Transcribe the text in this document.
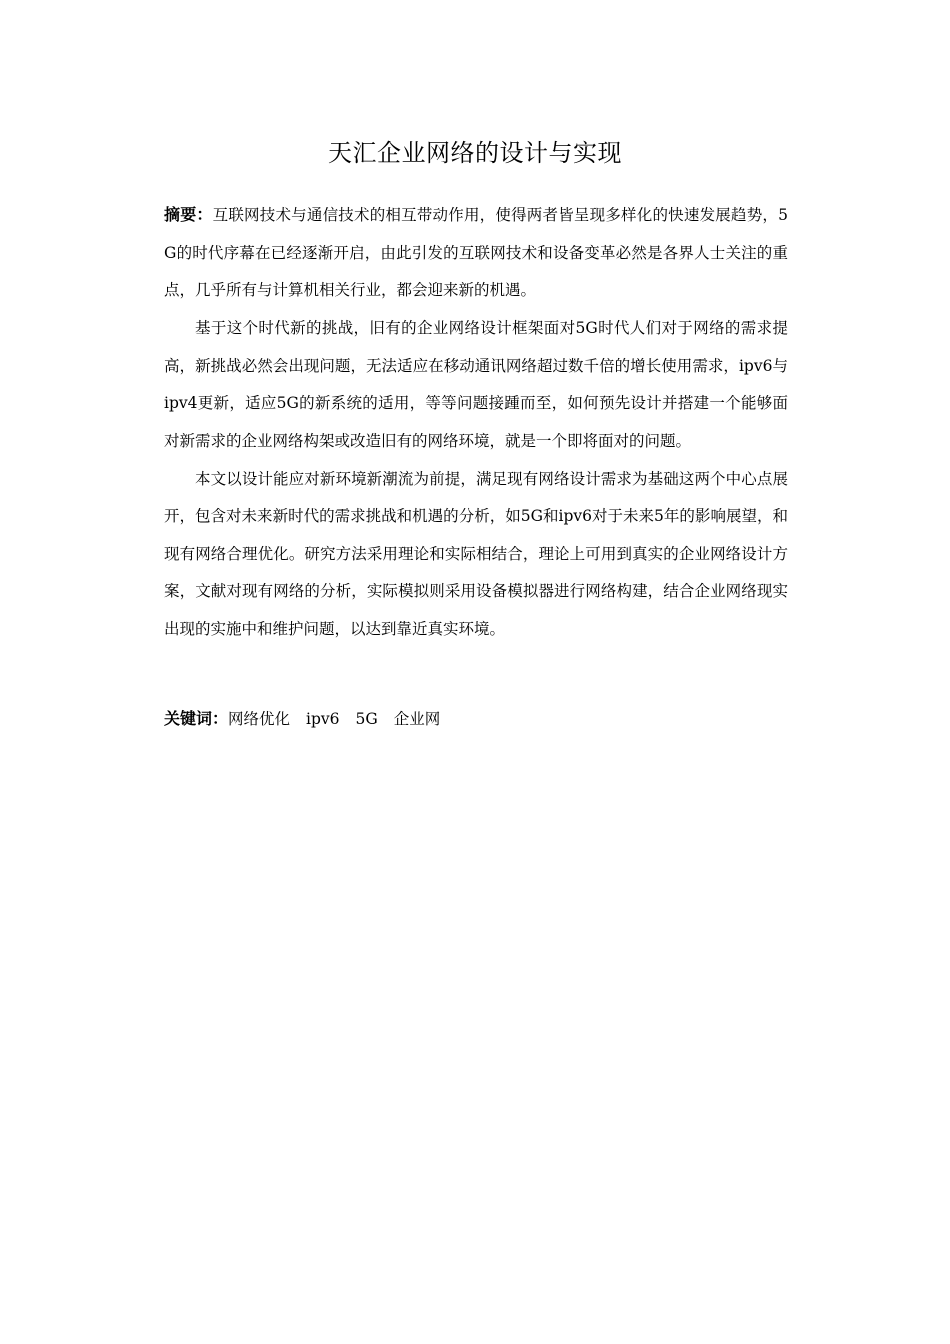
天汇企业网络的设计与实现

摘要：互联网技术与通信技术的相互带动作用，使得两者皆呈现多样化的快速发展趋势，5G的时代序幕在已经逐渐开启，由此引发的互联网技术和设备变革必然是各界人士关注的重点，几乎所有与计算机相关行业，都会迎来新的机遇。

基于这个时代新的挑战，旧有的企业网络设计框架面对5G时代人们对于网络的需求提高，新挑战必然会出现问题，无法适应在移动通讯网络超过数千倍的增长使用需求，ipv6与ipv4更新，适应5G的新系统的适用，等等问题接踵而至，如何预先设计并搭建一个能够面对新需求的企业网络构架或改造旧有的网络环境，就是一个即将面对的问题。

本文以设计能应对新环境新潮流为前提，满足现有网络设计需求为基础这两个中心点展开，包含对未来新时代的需求挑战和机遇的分析，如5G和ipv6对于未来5年的影响展望，和现有网络合理优化。研究方法采用理论和实际相结合，理论上可用到真实的企业网络设计方案，文献对现有网络的分析，实际模拟则采用设备模拟器进行网络构建，结合企业网络现实出现的实施中和维护问题，以达到靠近真实环境。

关键词：网络优化 ipv6 5G 企业网
